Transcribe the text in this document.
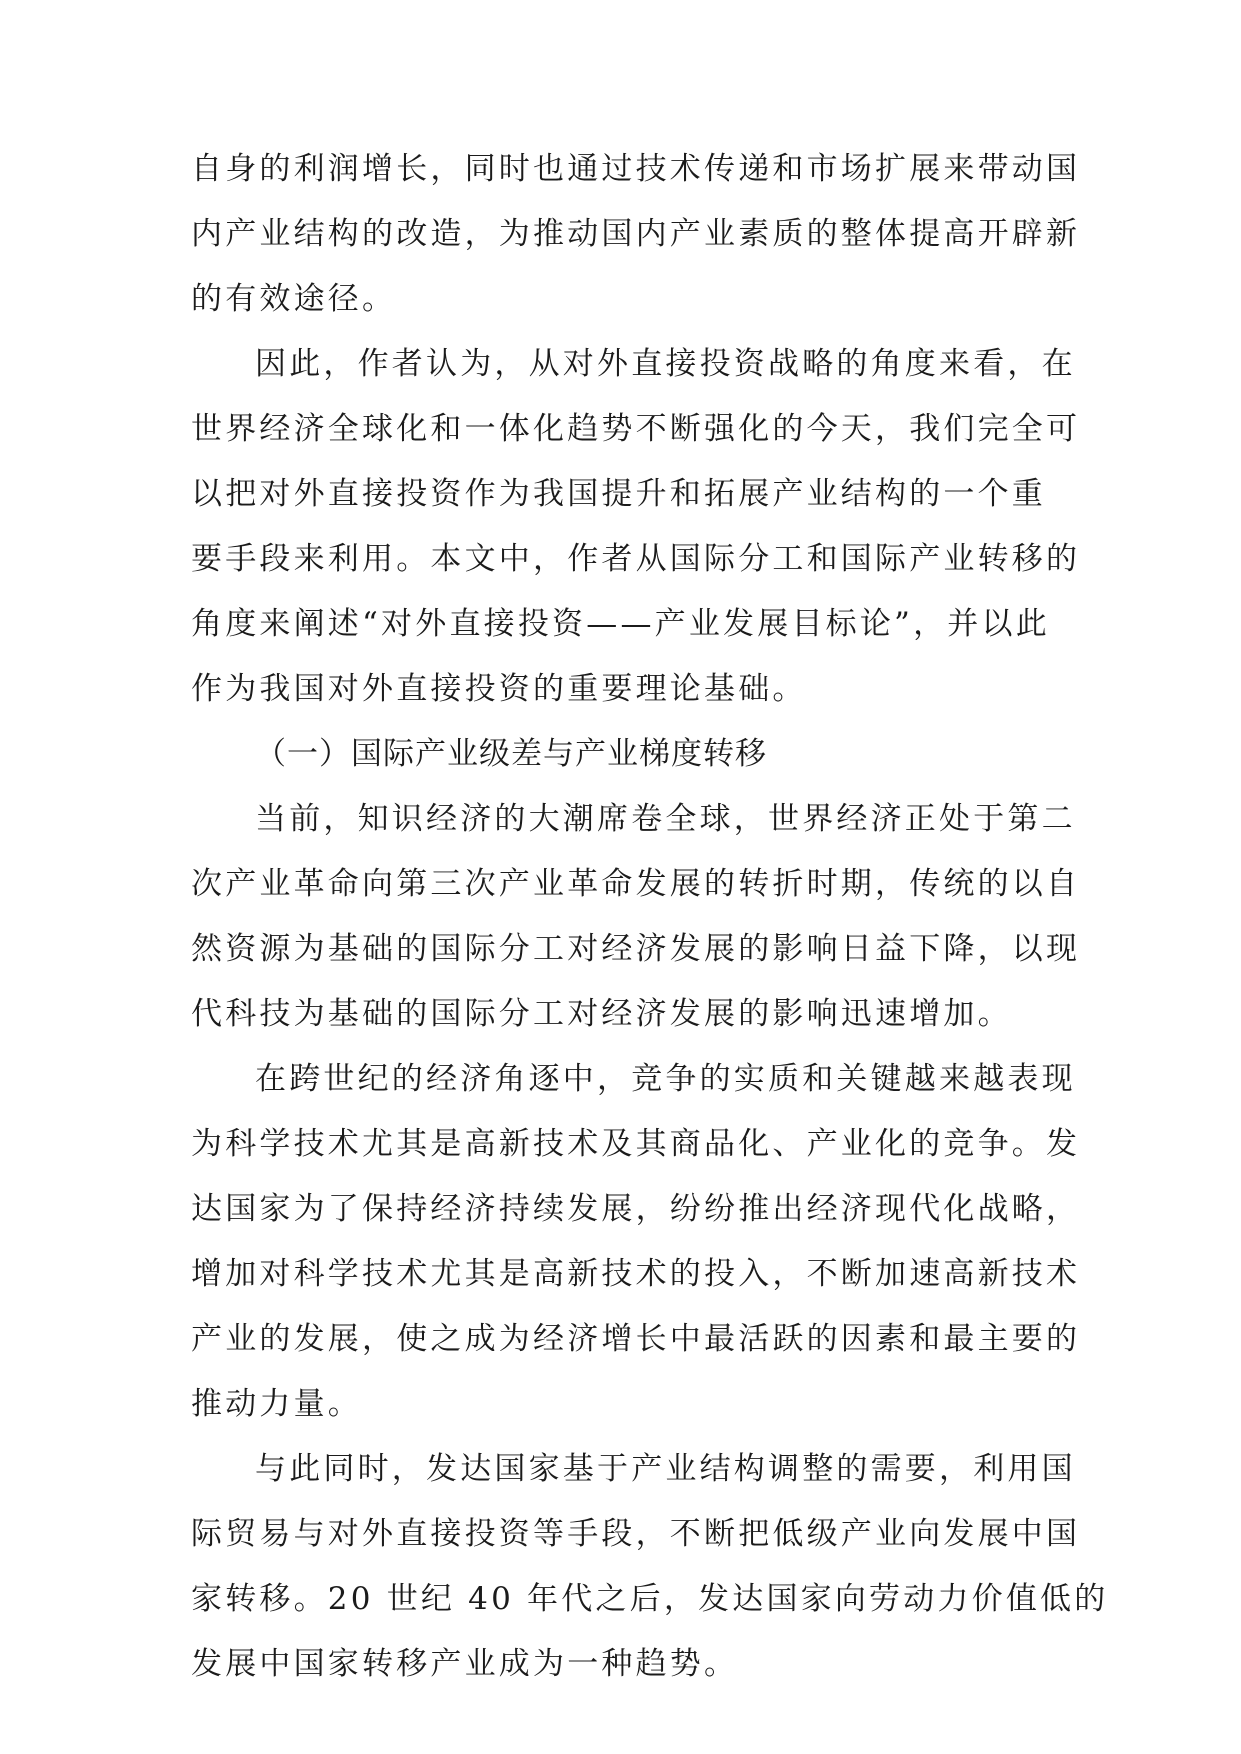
自身的利润增长，同时也通过技术传递和市场扩展来带动国
内产业结构的改造，为推动国内产业素质的整体提高开辟新
的有效途径。
因此，作者认为，从对外直接投资战略的角度来看，在
世界经济全球化和一体化趋势不断强化的今天，我们完全可
以把对外直接投资作为我国提升和拓展产业结构的一个重
要手段来利用。本文中，作者从国际分工和国际产业转移的
角度来阐述“对外直接投资——产业发展目标论”，并以此
作为我国对外直接投资的重要理论基础。
（一）国际产业级差与产业梯度转移
当前，知识经济的大潮席卷全球，世界经济正处于第二
次产业革命向第三次产业革命发展的转折时期，传统的以自
然资源为基础的国际分工对经济发展的影响日益下降，以现
代科技为基础的国际分工对经济发展的影响迅速增加。
在跨世纪的经济角逐中，竞争的实质和关键越来越表现
为科学技术尤其是高新技术及其商品化、产业化的竞争。发
达国家为了保持经济持续发展，纷纷推出经济现代化战略，
增加对科学技术尤其是高新技术的投入，不断加速高新技术
产业的发展，使之成为经济增长中最活跃的因素和最主要的
推动力量。
与此同时，发达国家基于产业结构调整的需要，利用国
际贸易与对外直接投资等手段，不断把低级产业向发展中国
家转移。20 世纪 40 年代之后，发达国家向劳动力价值低的
发展中国家转移产业成为一种趋势。
